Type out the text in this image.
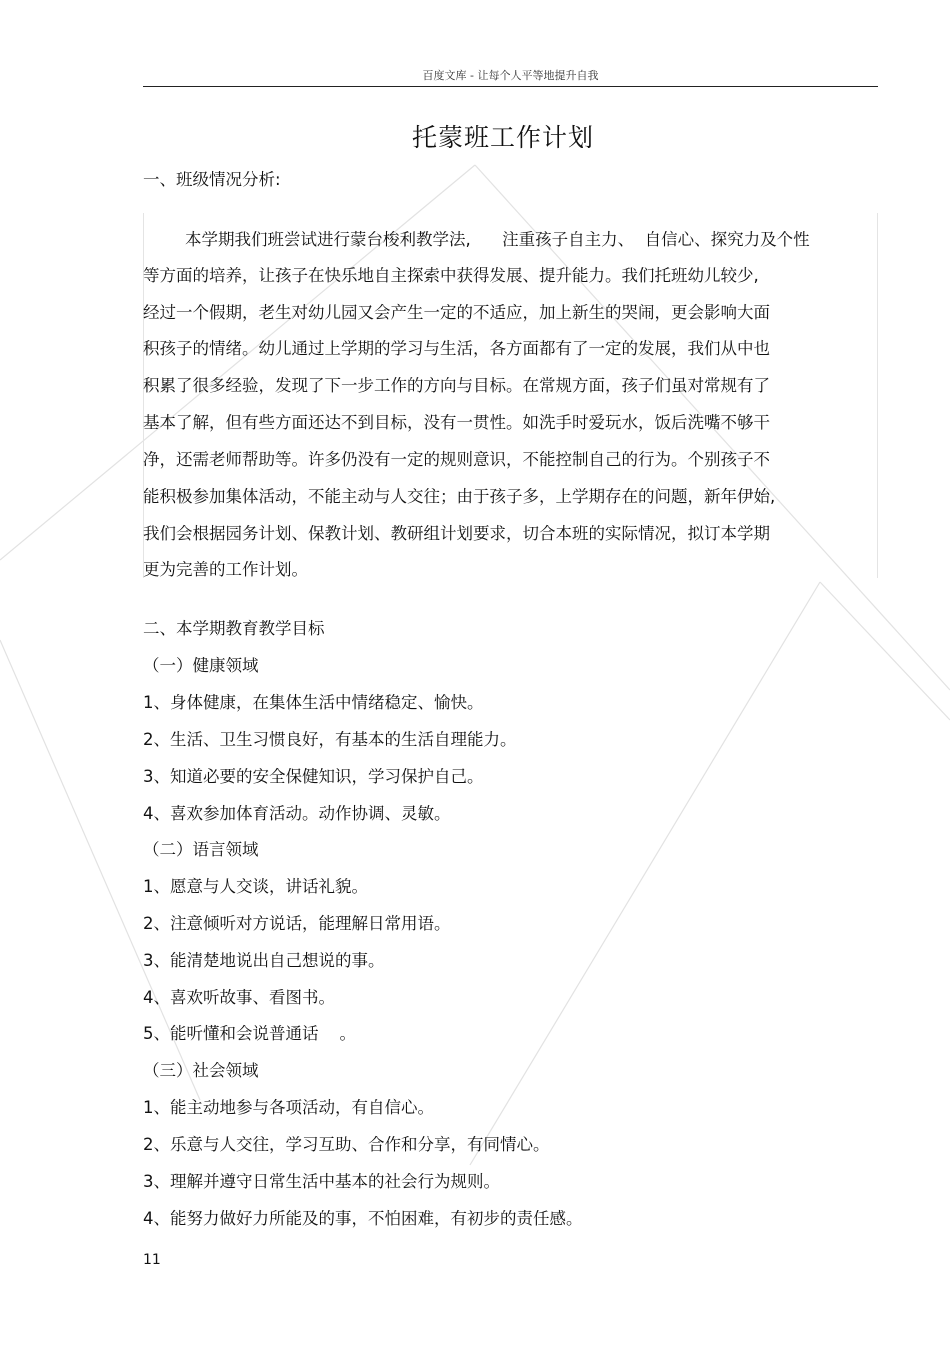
百度文库 - 让每个人平等地提升自我
托蒙班工作计划
一、班级情况分析:
本学期我们班尝试进行蒙台梭利教学法,      注重孩子自主力、  自信心、探究力及个性
等方面的培养，让孩子在快乐地自主探索中获得发展、提升能力。我们托班幼儿较少,
经过一个假期，老生对幼儿园又会产生一定的不适应，加上新生的哭闹，更会影响大面
积孩子的情绪。幼儿通过上学期的学习与生活，各方面都有了一定的发展，我们从中也
积累了很多经验，发现了下一步工作的方向与目标。在常规方面，孩子们虽对常规有了
基本了解，但有些方面还达不到目标，没有一贯性。如洗手时爱玩水，饭后洗嘴不够干
净，还需老师帮助等。许多仍没有一定的规则意识，不能控制自己的行为。个别孩子不
能积极参加集体活动，不能主动与人交往；由于孩子多，上学期存在的问题，新年伊始,
我们会根据园务计划、保教计划、教研组计划要求，切合本班的实际情况，拟订本学期
更为完善的工作计划。
二、本学期教育教学目标
（一）健康领域
1、身体健康，在集体生活中情绪稳定、愉快。
2、生活、卫生习惯良好，有基本的生活自理能力。
3、知道必要的安全保健知识，学习保护自己。
4、喜欢参加体育活动。动作协调、灵敏。
（二）语言领域
1、愿意与人交谈，讲话礼貌。
2、注意倾听对方说话，能理解日常用语。
3、能清楚地说出自己想说的事。
4、喜欢听故事、看图书。
5、能听懂和会说普通话    。
（三）社会领域
1、能主动地参与各项活动，有自信心。
2、乐意与人交往，学习互助、合作和分享，有同情心。
3、理解并遵守日常生活中基本的社会行为规则。
4、能努力做好力所能及的事，不怕困难，有初步的责任感。
11
